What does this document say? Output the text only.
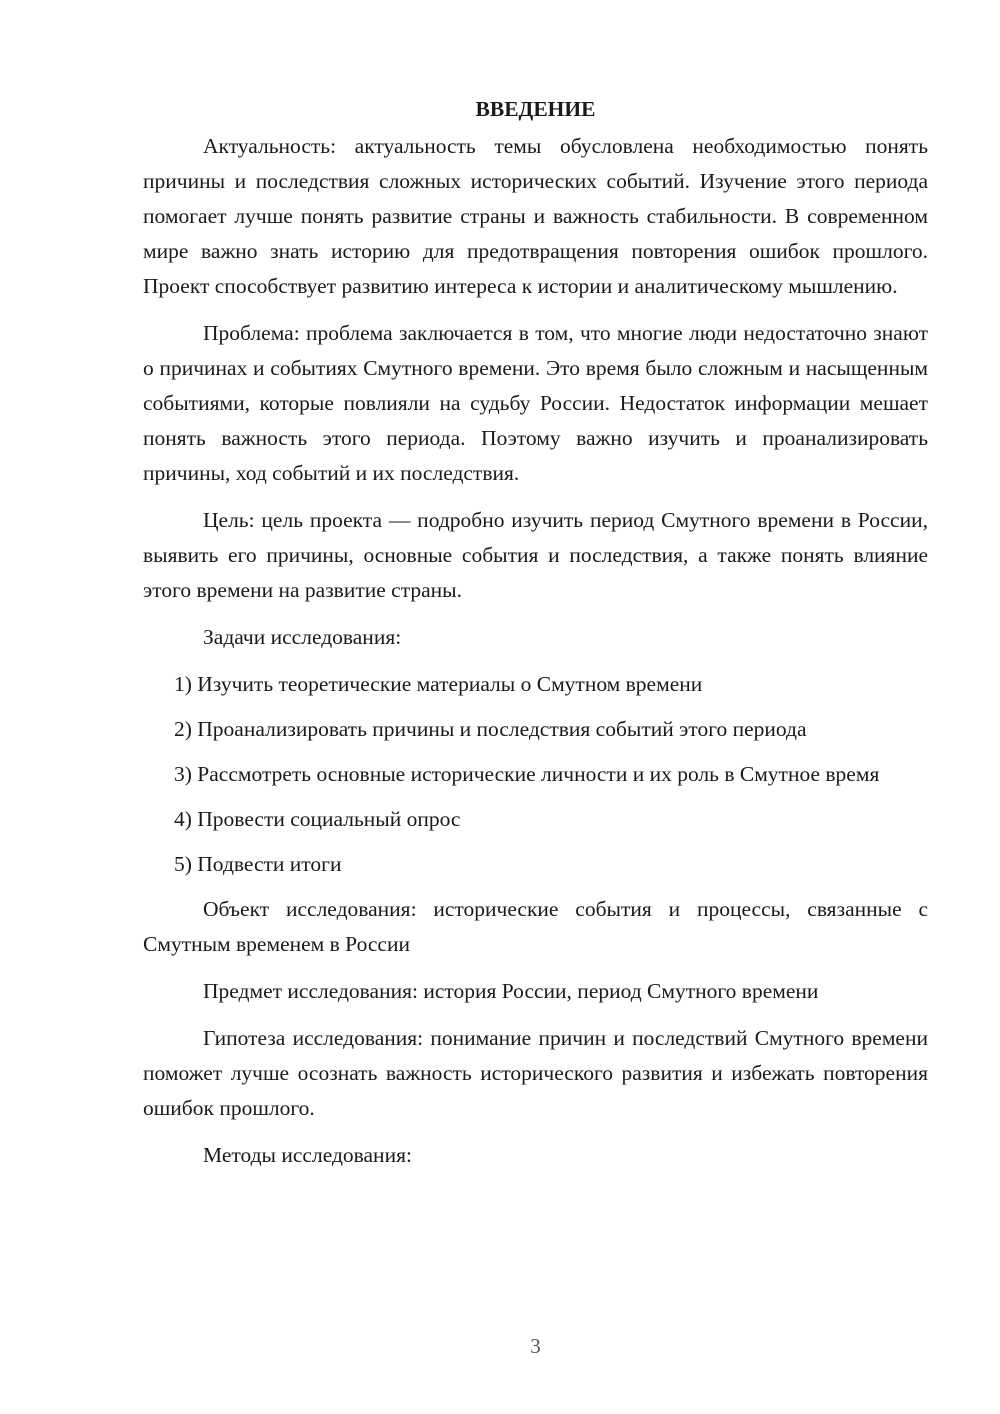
ВВЕДЕНИЕ

Актуальность: актуальность темы обусловлена необходимостью понять причины и последствия сложных исторических событий. Изучение этого периода помогает лучше понять развитие страны и важность стабильности. В современном мире важно знать историю для предотвращения повторения ошибок прошлого. Проект способствует развитию интереса к истории и аналитическому мышлению.

Проблема: проблема заключается в том, что многие люди недостаточно знают о причинах и событиях Смутного времени. Это время было сложным и насыщенным событиями, которые повлияли на судьбу России. Недостаток информации мешает понять важность этого периода. Поэтому важно изучить и проанализировать причины, ход событий и их последствия.

Цель: цель проекта — подробно изучить период Смутного времени в России, выявить его причины, основные события и последствия, а также понять влияние этого времени на развитие страны.

Задачи исследования:

1) Изучить теоретические материалы о Смутном времени

2) Проанализировать причины и последствия событий этого периода

3) Рассмотреть основные исторические личности и их роль в Смутное время

4) Провести социальный опрос

5) Подвести итоги

Объект исследования: исторические события и процессы, связанные с Смутным временем в России

Предмет исследования: история России, период Смутного времени

Гипотеза исследования: понимание причин и последствий Смутного времени поможет лучше осознать важность исторического развития и избежать повторения ошибок прошлого.

Методы исследования:

3
